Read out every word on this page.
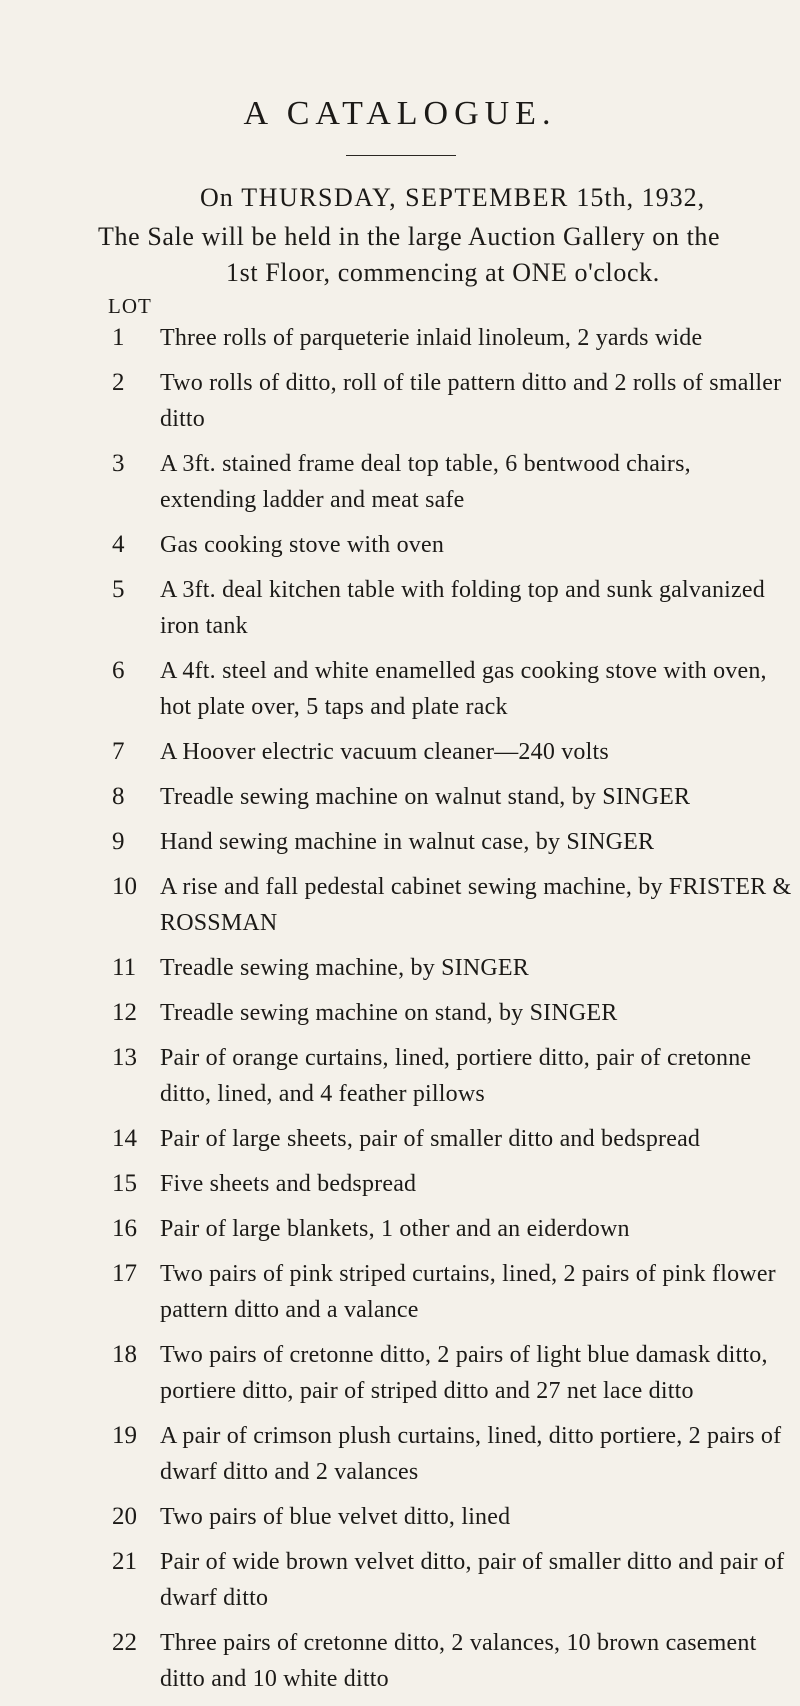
A CATALOGUE.
On THURSDAY, SEPTEMBER 15th, 1932,
The Sale will be held in the large Auction Gallery on the
1st Floor, commencing at ONE o'clock.
LOT
1	Three rolls of parqueterie inlaid linoleum, 2 yards wide
2	Two rolls of ditto, roll of tile pattern ditto and 2 rolls of smaller ditto
3	A 3ft. stained frame deal top table, 6 bentwood chairs, extending ladder and meat safe
4	Gas cooking stove with oven
5	A 3ft. deal kitchen table with folding top and sunk galvanized iron tank
6	A 4ft. steel and white enamelled gas cooking stove with oven, hot plate over, 5 taps and plate rack
7	A Hoover electric vacuum cleaner—240 volts
8	Treadle sewing machine on walnut stand, by SINGER
9	Hand sewing machine in walnut case, by SINGER
10 A rise and fall pedestal cabinet sewing machine, by FRISTER & ROSSMAN
11 Treadle sewing machine, by SINGER
12 Treadle sewing machine on stand, by SINGER
13 Pair of orange curtains, lined, portiere ditto, pair of cretonne ditto, lined, and 4 feather pillows
14 Pair of large sheets, pair of smaller ditto and bedspread
15 Five sheets and bedspread
16 Pair of large blankets, 1 other and an eiderdown
17 Two pairs of pink striped curtains, lined, 2 pairs of pink flower pattern ditto and a valance
18 Two pairs of cretonne ditto, 2 pairs of light blue damask ditto, portiere ditto, pair of striped ditto and 27 net lace ditto
19 A pair of crimson plush curtains, lined, ditto portiere, 2 pairs of dwarf ditto and 2 valances
20 Two pairs of blue velvet ditto, lined
21 Pair of wide brown velvet ditto, pair of smaller ditto and pair of dwarf ditto
22 Three pairs of cretonne ditto, 2 valances, 10 brown casement ditto and 10 white ditto
